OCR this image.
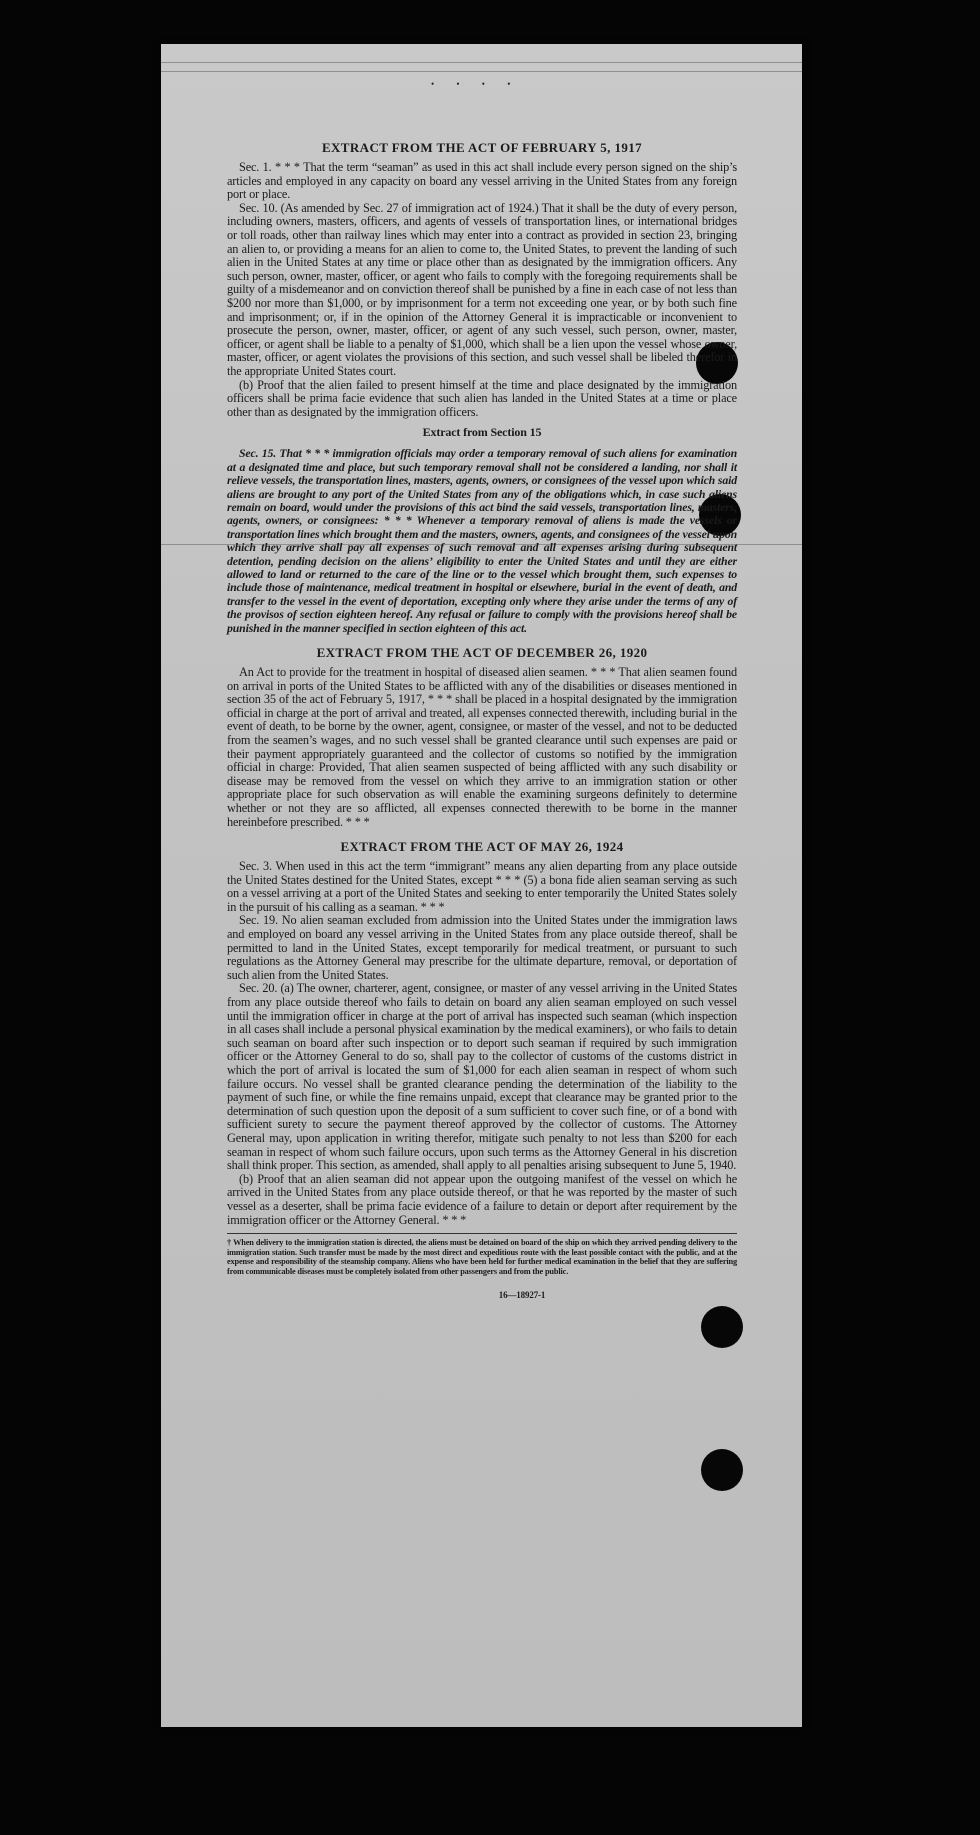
• • • •
EXTRACT FROM THE ACT OF FEBRUARY 5, 1917

Sec. 1. * * * That the term “seaman” as used in this act shall include every person signed on the ship’s articles and employed in any capacity on board any vessel arriving in the United States from any foreign port or place.

Sec. 10. (As amended by Sec. 27 of immigration act of 1924.) That it shall be the duty of every person, including owners, masters, officers, and agents of vessels of transportation lines, or international bridges or toll roads, other than railway lines which may enter into a contract as provided in section 23, bringing an alien to, or providing a means for an alien to come to, the United States, to prevent the landing of such alien in the United States at any time or place other than as designated by the immigration officers. Any such person, owner, master, officer, or agent who fails to comply with the foregoing requirements shall be guilty of a misdemeanor and on conviction thereof shall be punished by a fine in each case of not less than $200 nor more than $1,000, or by imprisonment for a term not exceeding one year, or by both such fine and imprisonment; or, if in the opinion of the Attorney General it is impracticable or inconvenient to prosecute the person, owner, master, officer, or agent of any such vessel, such person, owner, master, officer, or agent shall be liable to a penalty of $1,000, which shall be a lien upon the vessel whose owner, master, officer, or agent violates the provisions of this section, and such vessel shall be libeled therefor in the appropriate United States court.

(b) Proof that the alien failed to present himself at the time and place designated by the immigration officers shall be prima facie evidence that such alien has landed in the United States at a time or place other than as designated by the immigration officers.

Extract from Section 15

Sec. 15. That * * * immigration officials may order a temporary removal of such aliens for examination at a designated time and place, but such temporary removal shall not be considered a landing, nor shall it relieve vessels, the transportation lines, masters, agents, owners, or consignees of the vessel upon which said aliens are brought to any port of the United States from any of the obligations which, in case such aliens remain on board, would under the provisions of this act bind the said vessels, transportation lines, masters, agents, owners, or consignees: * * * Whenever a temporary removal of aliens is made the vessels or transportation lines which brought them and the masters, owners, agents, and consignees of the vessel upon which they arrive shall pay all expenses of such removal and all expenses arising during subsequent detention, pending decision on the aliens’ eligibility to enter the United States and until they are either allowed to land or returned to the care of the line or to the vessel which brought them, such expenses to include those of maintenance, medical treatment in hospital or elsewhere, burial in the event of death, and transfer to the vessel in the event of deportation, excepting only where they arise under the terms of any of the provisos of section eighteen hereof. Any refusal or failure to comply with the provisions hereof shall be punished in the manner specified in section eighteen of this act.

EXTRACT FROM THE ACT OF DECEMBER 26, 1920

An Act to provide for the treatment in hospital of diseased alien seamen. * * * That alien seamen found on arrival in ports of the United States to be afflicted with any of the disabilities or diseases mentioned in section 35 of the act of February 5, 1917, * * * shall be placed in a hospital designated by the immigration official in charge at the port of arrival and treated, all expenses connected therewith, including burial in the event of death, to be borne by the owner, agent, consignee, or master of the vessel, and not to be deducted from the seamen’s wages, and no such vessel shall be granted clearance until such expenses are paid or their payment appropriately guaranteed and the collector of customs so notified by the immigration official in charge: Provided, That alien seamen suspected of being afflicted with any such disability or disease may be removed from the vessel on which they arrive to an immigration station or other appropriate place for such observation as will enable the examining surgeons definitely to determine whether or not they are so afflicted, all expenses connected therewith to be borne in the manner hereinbefore prescribed. * * *

EXTRACT FROM THE ACT OF MAY 26, 1924

Sec. 3. When used in this act the term “immigrant” means any alien departing from any place outside the United States destined for the United States, except * * * (5) a bona fide alien seaman serving as such on a vessel arriving at a port of the United States and seeking to enter temporarily the United States solely in the pursuit of his calling as a seaman. * * *

Sec. 19. No alien seaman excluded from admission into the United States under the immigration laws and employed on board any vessel arriving in the United States from any place outside thereof, shall be permitted to land in the United States, except temporarily for medical treatment, or pursuant to such regulations as the Attorney General may prescribe for the ultimate departure, removal, or deportation of such alien from the United States.

Sec. 20. (a) The owner, charterer, agent, consignee, or master of any vessel arriving in the United States from any place outside thereof who fails to detain on board any alien seaman employed on such vessel until the immigration officer in charge at the port of arrival has inspected such seaman (which inspection in all cases shall include a personal physical examination by the medical examiners), or who fails to detain such seaman on board after such inspection or to deport such seaman if required by such immigration officer or the Attorney General to do so, shall pay to the collector of customs of the customs district in which the port of arrival is located the sum of $1,000 for each alien seaman in respect of whom such failure occurs. No vessel shall be granted clearance pending the determination of the liability to the payment of such fine, or while the fine remains unpaid, except that clearance may be granted prior to the determination of such question upon the deposit of a sum sufficient to cover such fine, or of a bond with sufficient surety to secure the payment thereof approved by the collector of customs. The Attorney General may, upon application in writing therefor, mitigate such penalty to not less than $200 for each seaman in respect of whom such failure occurs, upon such terms as the Attorney General in his discretion shall think proper. This section, as amended, shall apply to all penalties arising subsequent to June 5, 1940.

(b) Proof that an alien seaman did not appear upon the outgoing manifest of the vessel on which he arrived in the United States from any place outside thereof, or that he was reported by the master of such vessel as a deserter, shall be prima facie evidence of a failure to detain or deport after requirement by the immigration officer or the Attorney General. * * *

† When delivery to the immigration station is directed, the aliens must be detained on board of the ship on which they arrived pending delivery to the immigration station. Such transfer must be made by the most direct and expeditious route with the least possible contact with the public, and at the expense and responsibility of the steamship company. Aliens who have been held for further medical examination in the belief that they are suffering from communicable diseases must be completely isolated from other passengers and from the public.
16—18927-1
